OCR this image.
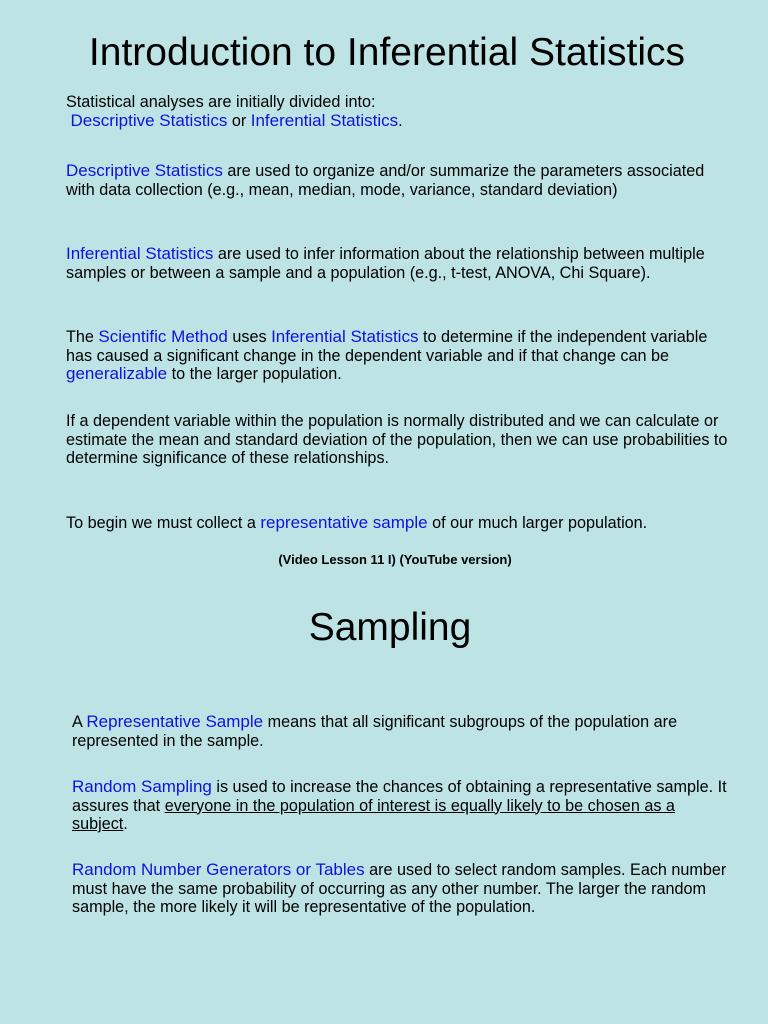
Introduction to Inferential Statistics

Statistical analyses are initially divided into:
Descriptive Statistics or Inferential Statistics.

Descriptive Statistics are used to organize and/or summarize the parameters associated with data collection (e.g., mean, median, mode, variance, standard deviation)

Inferential Statistics are used to infer information about the relationship between multiple samples or between a sample and a population (e.g., t-test, ANOVA, Chi Square).

The Scientific Method uses Inferential Statistics to determine if the independent variable has caused a significant change in the dependent variable and if that change can be generalizable to the larger population.

If a dependent variable within the population is normally distributed and we can calculate or estimate the mean and standard deviation of the population, then we can use probabilities to determine significance of these relationships.

To begin we must collect a representative sample of our much larger population.

(Video Lesson 11 I) (YouTube version)

Sampling

A Representative Sample means that all significant subgroups of the population are represented in the sample.

Random Sampling is used to increase the chances of obtaining a representative sample. It assures that everyone in the population of interest is equally likely to be chosen as a subject.

Random Number Generators or Tables are used to select random samples. Each number must have the same probability of occurring as any other number. The larger the random sample, the more likely it will be representative of the population.
